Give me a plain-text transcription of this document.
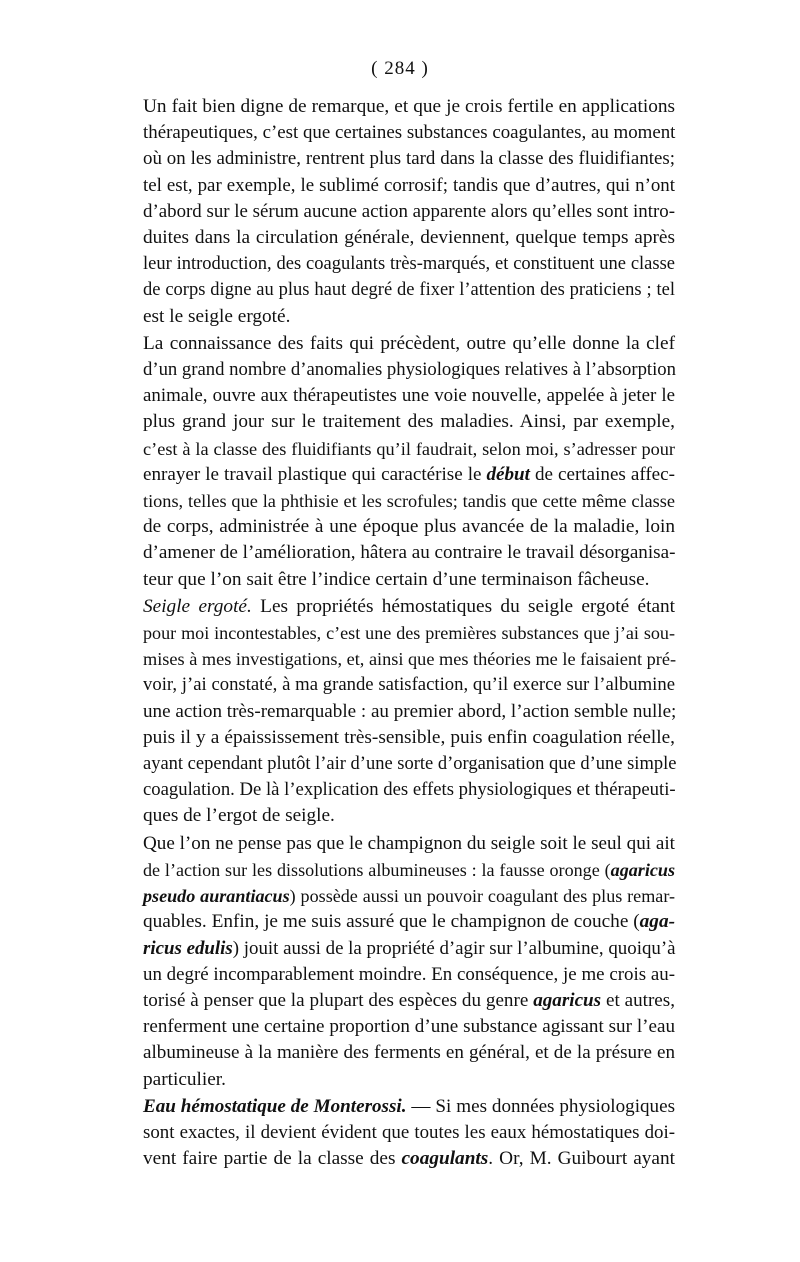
( 284 )
Un fait bien digne de remarque, et que je crois fertile en applications
thérapeutiques, c’est que certaines substances coagulantes, au moment
où on les administre, rentrent plus tard dans la classe des fluidifiantes;
tel est, par exemple, le sublimé corrosif; tandis que d’autres, qui n’ont
d’abord sur le sérum aucune action apparente alors qu’elles sont intro-
duites dans la circulation générale, deviennent, quelque temps après
leur introduction, des coagulants très-marqués, et constituent une classe
de corps digne au plus haut degré de fixer l’attention des praticiens ; tel
est le seigle ergoté.
La connaissance des faits qui précèdent, outre qu’elle donne la clef
d’un grand nombre d’anomalies physiologiques relatives à l’absorption
animale, ouvre aux thérapeutistes une voie nouvelle, appelée à jeter le
plus grand jour sur le traitement des maladies. Ainsi, par exemple,
c’est à la classe des fluidifiants qu’il faudrait, selon moi, s’adresser pour
enrayer le travail plastique qui caractérise le début de certaines affec-
tions, telles que la phthisie et les scrofules; tandis que cette même classe
de corps, administrée à une époque plus avancée de la maladie, loin
d’amener de l’amélioration, hâtera au contraire le travail désorganisa-
teur que l’on sait être l’indice certain d’une terminaison fâcheuse.
Seigle ergoté. Les propriétés hémostatiques du seigle ergoté étant
pour moi incontestables, c’est une des premières substances que j’ai sou-
mises à mes investigations, et, ainsi que mes théories me le faisaient pré-
voir, j’ai constaté, à ma grande satisfaction, qu’il exerce sur l’albumine
une action très-remarquable : au premier abord, l’action semble nulle;
puis il y a épaississement très-sensible, puis enfin coagulation réelle,
ayant cependant plutôt l’air d’une sorte d’organisation que d’une simple
coagulation. De là l’explication des effets physiologiques et thérapeuti-
ques de l’ergot de seigle.
Que l’on ne pense pas que le champignon du seigle soit le seul qui ait
de l’action sur les dissolutions albumineuses : la fausse oronge (agaricus
pseudo aurantiacus) possède aussi un pouvoir coagulant des plus remar-
quables. Enfin, je me suis assuré que le champignon de couche (aga-
ricus edulis) jouit aussi de la propriété d’agir sur l’albumine, quoiqu’à
un degré incomparablement moindre. En conséquence, je me crois au-
torisé à penser que la plupart des espèces du genre agaricus et autres,
renferment une certaine proportion d’une substance agissant sur l’eau
albumineuse à la manière des ferments en général, et de la présure en
particulier.
Eau hémostatique de Monterossi. — Si mes données physiologiques
sont exactes, il devient évident que toutes les eaux hémostatiques doi-
vent faire partie de la classe des coagulants. Or, M. Guibourt ayant
